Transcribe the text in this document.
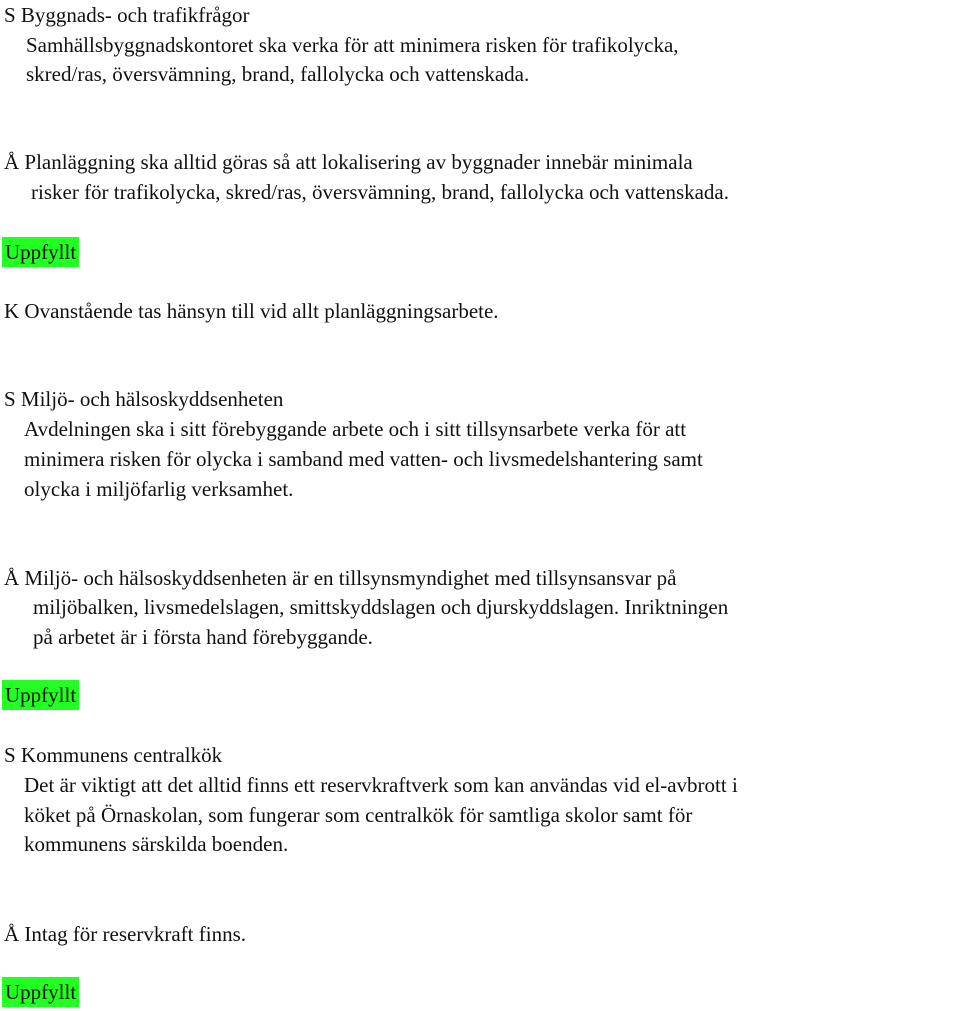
S Byggnads- och trafikfrågor
Samhällsbyggnadskontoret ska verka för att minimera risken för trafikolycka,
skred/ras, översvämning, brand, fallolycka och vattenskada.
Å Planläggning ska alltid göras så att lokalisering av byggnader innebär minimala
risker för trafikolycka, skred/ras, översvämning, brand, fallolycka och vattenskada.
Uppfyllt
K Ovanstående tas hänsyn till vid allt planläggningsarbete.
S Miljö- och hälsoskyddsenheten
Avdelningen ska i sitt förebyggande arbete och i sitt tillsynsarbete verka för att
minimera risken för olycka i samband med vatten- och livsmedelshantering samt
olycka i miljöfarlig verksamhet.
Å Miljö- och hälsoskyddsenheten är en tillsynsmyndighet med tillsynsansvar på
miljöbalken, livsmedelslagen, smittskyddslagen och djurskyddslagen. Inriktningen
på arbetet är i första hand förebyggande.
Uppfyllt
S Kommunens centralkök
Det är viktigt att det alltid finns ett reservkraftverk som kan användas vid el-avbrott i
köket på Örnaskolan, som fungerar som centralkök för samtliga skolor samt för
kommunens särskilda boenden.
Å Intag för reservkraft finns.
Uppfyllt
